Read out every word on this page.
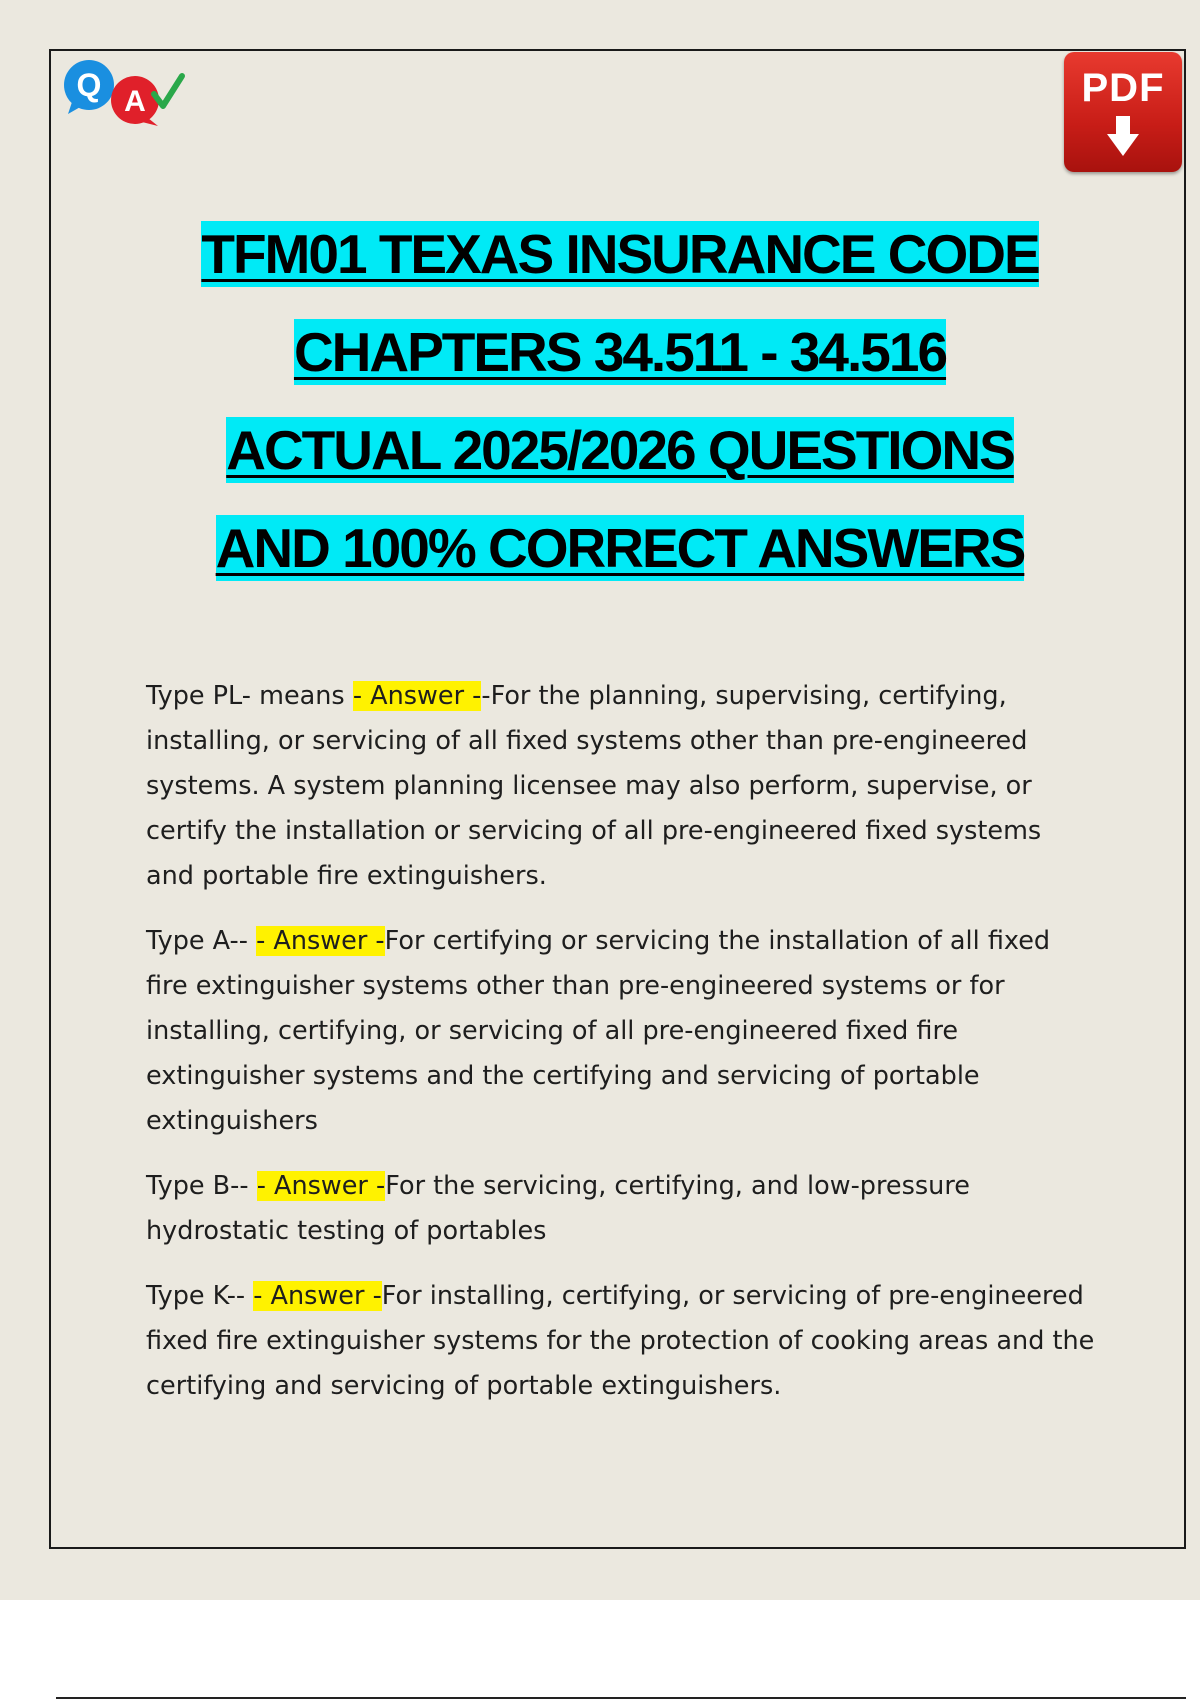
Q A	PDF
TFM01 TEXAS INSURANCE CODE
CHAPTERS 34.511 - 34.516
ACTUAL 2025/2026 QUESTIONS
AND 100% CORRECT ANSWERS

Type PL- means - Answer --For the planning, supervising, certifying, installing, or servicing of all fixed systems other than pre-engineered systems. A system planning licensee may also perform, supervise, or certify the installation or servicing of all pre-engineered fixed systems and portable fire extinguishers.

Type A-- - Answer -For certifying or servicing the installation of all fixed fire extinguisher systems other than pre-engineered systems or for installing, certifying, or servicing of all pre-engineered fixed fire extinguisher systems and the certifying and servicing of portable extinguishers

Type B-- - Answer -For the servicing, certifying, and low-pressure hydrostatic testing of portables

Type K-- - Answer -For installing, certifying, or servicing of pre-engineered fixed fire extinguisher systems for the protection of cooking areas and the certifying and servicing of portable extinguishers.
